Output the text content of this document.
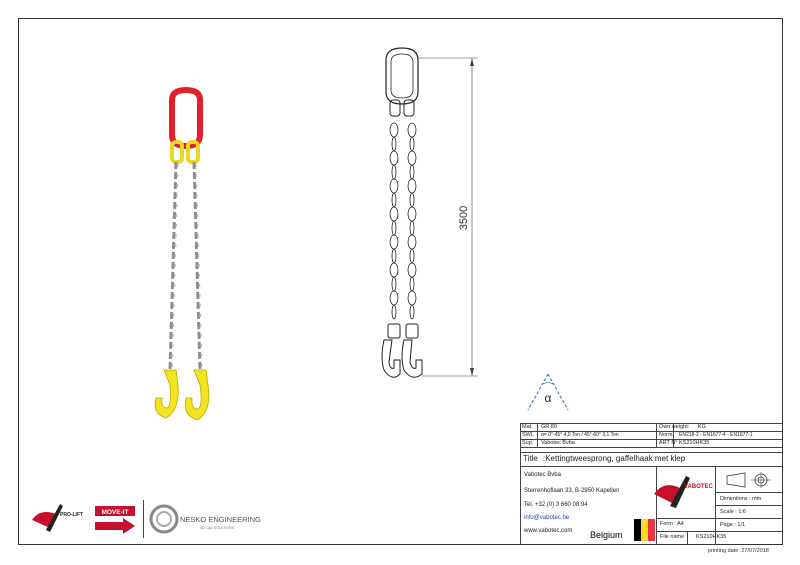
3500
α
Mat. GR 80	Own weight: KG
SWL α= 0°-45° 4,0 Ton / 45°-60° 3,1 Ton	Norm: EN218-2 - EN1677-4 - EN1677-1
Sup. Vabotec Bvba	ART N° KS210HK35
Title :Kettingtweesprong, gaffelhaak met klep
Vabotec Bvba
Sterrenhoflaan 33, B-2950 Kapellen
Tel. +32 (0) 3 660 08 94
info@vabotec.be
www.vabotec.com Belgium
VABOTEC
Dimentions : mm
Scale : 1:6
Page : 1/1
Form : A4
File name KS210HK35
printing date: 27/07/2018
PRO-LIFT	MOVE-IT
NESKO ENGINEERING
3D CAD SOLUTIONS
